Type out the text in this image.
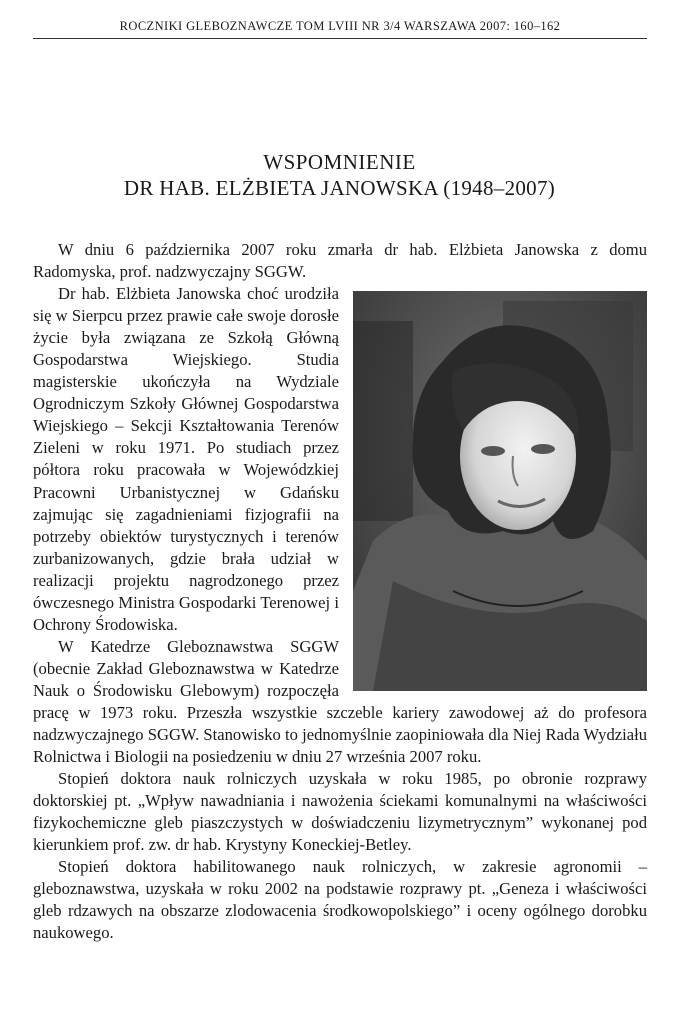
ROCZNIKI GLEBOZNAWCZE TOM LVIII NR 3/4 WARSZAWA 2007: 160–162
WSPOMNIENIE
DR HAB. ELŻBIETA JANOWSKA (1948–2007)

W dniu 6 października 2007 roku zmarła dr hab. Elżbieta Janowska z domu Radomyska, prof. nadzwyczajny SGGW.

Dr hab. Elżbieta Janowska choć urodziła się w Sierpcu przez prawie całe swoje dorosłe życie była związana ze Szkołą Główną Gospodarstwa Wiejskiego. Studia magisterskie ukończyła na Wydziale Ogrodniczym Szkoły Głównej Gospodarstwa Wiejskiego – Sekcji Kształtowania Terenów Zieleni w roku 1971. Po studiach przez półtora roku pracowała w Wojewódzkiej Pracowni Urbanistycznej w Gdańsku zajmując się zagadnieniami fizjografii na potrzeby obiektów turystycznych i terenów zurbanizowanych, gdzie brała udział w realizacji projektu nagrodzonego przez ówczesnego Ministra Gospodarki Terenowej i Ochrony Środowiska.

W Katedrze Gleboznawstwa SGGW (obecnie Zakład Gleboznawstwa w Katedrze Nauk o Środowisku Glebowym) rozpoczęła pracę w 1973 roku. Przeszła wszystkie szczeble kariery zawodowej aż do profesora nadzwyczajnego SGGW. Stanowisko to jednomyślnie zaopiniowała dla Niej Rada Wydziału Rolnictwa i Biologii na posiedzeniu w dniu 27 września 2007 roku.

Stopień doktora nauk rolniczych uzyskała w roku 1985, po obronie rozprawy doktorskiej pt. „Wpływ nawadniania i nawożenia ściekami komunalnymi na właściwości fizykochemiczne gleb piaszczystych w doświadczeniu lizymetrycznym” wykonanej pod kierunkiem prof. zw. dr hab. Krystyny Koneckiej-Betley.

Stopień doktora habilitowanego nauk rolniczych, w zakresie agronomii – gleboznawstwa, uzyskała w roku 2002 na podstawie rozprawy pt. „Geneza i właściwości gleb rdzawych na obszarze zlodowacenia środkowopolskiego” i oceny ogólnego dorobku naukowego.
